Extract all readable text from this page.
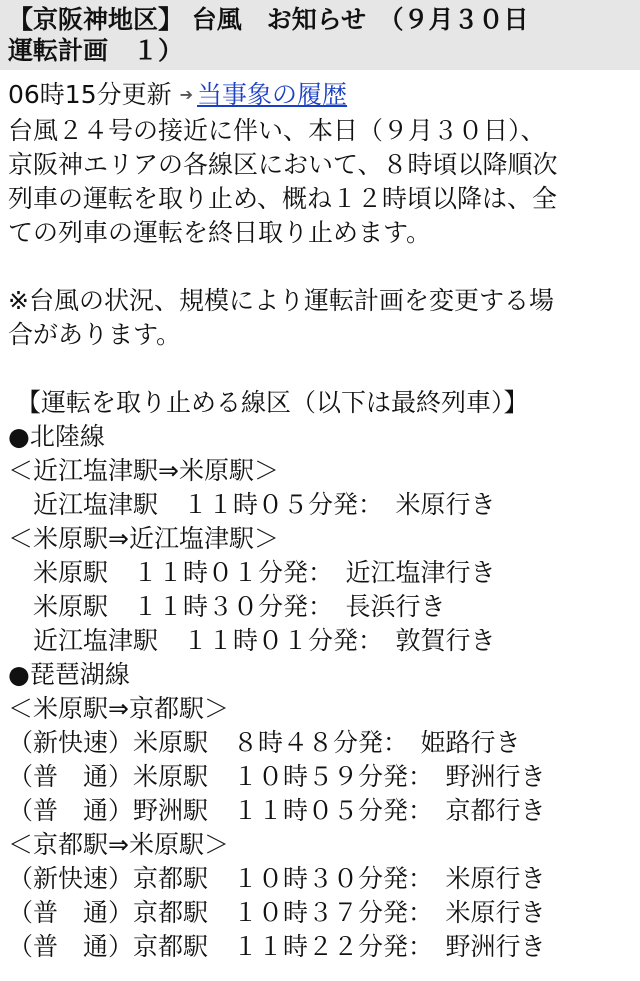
【京阪神地区】 台風　お知らせ　（９月３０日
運転計画　１）
06時15分更新 ➔ 当事象の履歴
台風２４号の接近に伴い、本日（９月３０日）、
京阪神エリアの各線区において、８時頃以降順次
列車の運転を取り止め、概ね１２時頃以降は、全
ての列車の運転を終日取り止めます。
※台風の状況、規模により運転計画を変更する場
合があります。
【運転を取り止める線区（以下は最終列車）】
●北陸線
＜近江塩津駅⇒米原駅＞
　近江塩津駅　１１時０５分発：　米原行き
＜米原駅⇒近江塩津駅＞
　米原駅　１１時０１分発：　近江塩津行き
　米原駅　１１時３０分発：　長浜行き
　近江塩津駅　１１時０１分発：　敦賀行き
●琵琶湖線
＜米原駅⇒京都駅＞
（新快速）米原駅　８時４８分発：　姫路行き
（普　通）米原駅　１０時５９分発：　野洲行き
（普　通）野洲駅　１１時０５分発：　京都行き
＜京都駅⇒米原駅＞
（新快速）京都駅　１０時３０分発：　米原行き
（普　通）京都駅　１０時３７分発：　米原行き
（普　通）京都駅　１１時２２分発：　野洲行き
